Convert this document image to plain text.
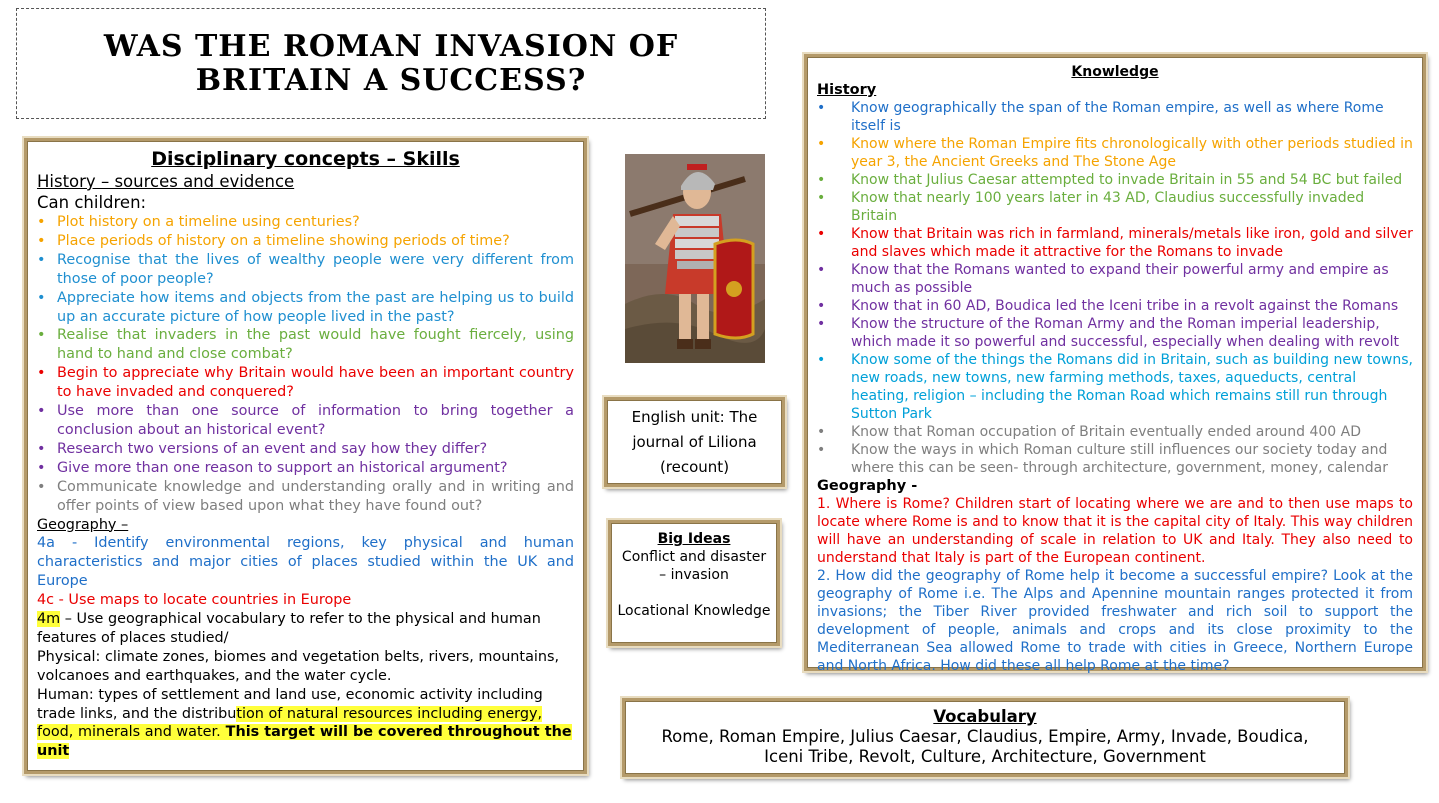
WAS THE ROMAN INVASION OF
BRITAIN A SUCCESS?
Disciplinary concepts – Skills
History – sources and evidence
Can children:
• Plot history on a timeline using centuries?
• Place periods of history on a timeline showing periods of time?
• Recognise that the lives of wealthy people were very different from those of poor people?
• Appreciate how items and objects from the past are helping us to build up an accurate picture of how people lived in the past?
• Realise that invaders in the past would have fought fiercely, using hand to hand and close combat?
• Begin to appreciate why Britain would have been an important country to have invaded and conquered?
• Use more than one source of information to bring together a conclusion about an historical event?
• Research two versions of an event and say how they differ?
• Give more than one reason to support an historical argument?
• Communicate knowledge and understanding orally and in writing and offer points of view based upon what they have found out?

Geography –

4a - Identify environmental regions, key physical and human characteristics and major cities of places studied within the UK and Europe

4c - Use maps to locate countries in Europe

4m – Use geographical vocabulary to refer to the physical and human features of places studied/

Physical: climate zones, biomes and vegetation belts, rivers, mountains, volcanoes and earthquakes, and the water cycle.

Human: types of settlement and land use, economic activity including trade links, and the distribution of natural resources including energy, food, minerals and water. This target will be covered throughout the unit

English unit: The
journal of Liliona
(recount)
Big Ideas
Conflict and disaster
– invasion
Locational Knowledge
Knowledge
History
• Know geographically the span of the Roman empire, as well as where Rome itself is
• Know where the Roman Empire fits chronologically with other periods studied in year 3, the Ancient Greeks and The Stone Age
• Know that Julius Caesar attempted to invade Britain in 55 and 54 BC but failed
• Know that nearly 100 years later in 43 AD, Claudius successfully invaded Britain
• Know that Britain was rich in farmland, minerals/metals like iron, gold and silver and slaves which made it attractive for the Romans to invade
• Know that the Romans wanted to expand their powerful army and empire as much as possible
• Know that in 60 AD, Boudica led the Iceni tribe in a revolt against the Romans
• Know the structure of the Roman Army and the Roman imperial leadership, which made it so powerful and successful, especially when dealing with revolt
• Know some of the things the Romans did in Britain, such as building new towns, new roads, new towns, new farming methods, taxes, aqueducts, central heating, religion – including the Roman Road which remains still run through Sutton Park
• Know that Roman occupation of Britain eventually ended around 400 AD
• Know the ways in which Roman culture still influences our society today and where this can be seen- through architecture, government, money, calendar
Geography -

1. Where is Rome? Children start of locating where we are and to then use maps to locate where Rome is and to know that it is the capital city of Italy. This way children will have an understanding of scale in relation to UK and Italy. They also need to understand that Italy is part of the European continent.

2. How did the geography of Rome help it become a successful empire? Look at the geography of Rome i.e. The Alps and Apennine mountain ranges protected it from invasions; the Tiber River provided freshwater and rich soil to support the development of people, animals and crops and its close proximity to the Mediterranean Sea allowed Rome to trade with cities in Greece, Northern Europe and North Africa. How did these all help Rome at the time?

Vocabulary
Rome, Roman Empire, Julius Caesar, Claudius, Empire, Army, Invade, Boudica, Iceni Tribe, Revolt, Culture, Architecture, Government
